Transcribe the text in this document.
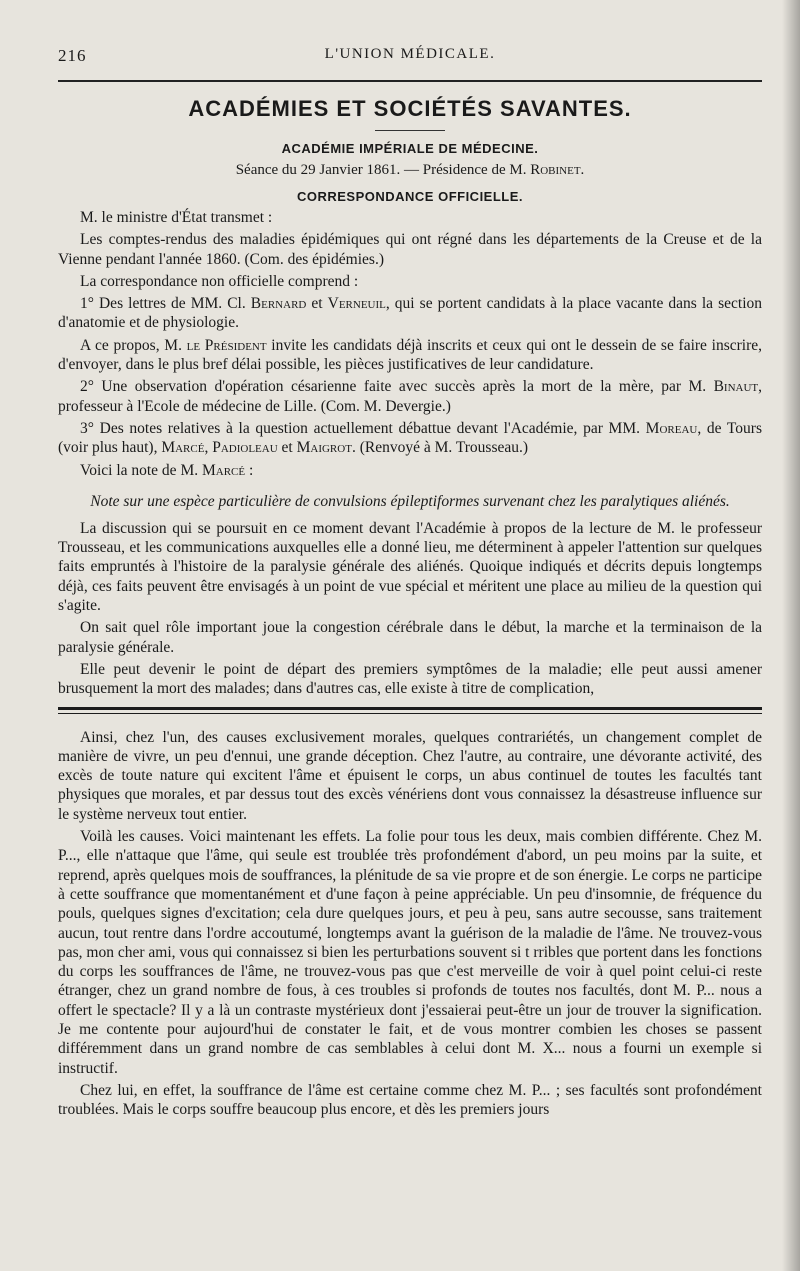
216	L'UNION MÉDICALE.
ACADÉMIES ET SOCIÉTÉS SAVANTES.
ACADÉMIE IMPÉRIALE DE MÉDECINE.
Séance du 29 Janvier 1861. — Présidence de M. Robinet.
CORRESPONDANCE OFFICIELLE.
M. le ministre d'État transmet :
Les comptes-rendus des maladies épidémiques qui ont régné dans les départements de la Creuse et de la Vienne pendant l'année 1860. (Com. des épidémies.)
La correspondance non officielle comprend :
1° Des lettres de MM. Cl. Bernard et Verneuil, qui se portent candidats à la place vacante dans la section d'anatomie et de physiologie.
A ce propos, M. le Président invite les candidats déjà inscrits et ceux qui ont le dessein de se faire inscrire, d'envoyer, dans le plus bref délai possible, les pièces justificatives de leur candidature.
2° Une observation d'opération césarienne faite avec succès après la mort de la mère, par M. Binaut, professeur à l'Ecole de médecine de Lille. (Com. M. Devergie.)
3° Des notes relatives à la question actuellement débattue devant l'Académie, par MM. Moreau, de Tours (voir plus haut), Marcé, Padioleau et Maigrot. (Renvoyé à M. Trousseau.)
Voici la note de M. Marcé :
Note sur une espèce particulière de convulsions épileptiformes survenant chez les paralytiques aliénés.
La discussion qui se poursuit en ce moment devant l'Académie à propos de la lecture de M. le professeur Trousseau, et les communications auxquelles elle a donné lieu, me déterminent à appeler l'attention sur quelques faits empruntés à l'histoire de la paralysie générale des aliénés. Quoique indiqués et décrits depuis longtemps déjà, ces faits peuvent être envisagés à un point de vue spécial et méritent une place au milieu de la question qui s'agite.
On sait quel rôle important joue la congestion cérébrale dans le début, la marche et la terminaison de la paralysie générale.
Elle peut devenir le point de départ des premiers symptômes de la maladie; elle peut aussi amener brusquement la mort des malades; dans d'autres cas, elle existe à titre de complication,
Ainsi, chez l'un, des causes exclusivement morales, quelques contrariétés, un changement complet de manière de vivre, un peu d'ennui, une grande déception. Chez l'autre, au contraire, une dévorante activité, des excès de toute nature qui excitent l'âme et épuisent le corps, un abus continuel de toutes les facultés tant physiques que morales, et par dessus tout des excès vénériens dont vous connaissez la désastreuse influence sur le système nerveux tout entier.
Voilà les causes. Voici maintenant les effets. La folie pour tous les deux, mais combien différente. Chez M. P..., elle n'attaque que l'âme, qui seule est troublée très profondément d'abord, un peu moins par la suite, et reprend, après quelques mois de souffrances, la plénitude de sa vie propre et de son énergie. Le corps ne participe à cette souffrance que momentanément et d'une façon à peine appréciable. Un peu d'insomnie, de fréquence du pouls, quelques signes d'excitation; cela dure quelques jours, et peu à peu, sans autre secousse, sans traitement aucun, tout rentre dans l'ordre accoutumé, longtemps avant la guérison de la maladie de l'âme. Ne trouvez-vous pas, mon cher ami, vous qui connaissez si bien les perturbations souvent si t rribles que portent dans les fonctions du corps les souffrances de l'âme, ne trouvez-vous pas que c'est merveille de voir à quel point celui-ci reste étranger, chez un grand nombre de fous, à ces troubles si profonds de toutes nos facultés, dont M. P... nous a offert le spectacle? Il y a là un contraste mystérieux dont j'essaierai peut-être un jour de trouver la signification. Je me contente pour aujourd'hui de constater le fait, et de vous montrer combien les choses se passent différemment dans un grand nombre de cas semblables à celui dont M. X... nous a fourni un exemple si instructif.
Chez lui, en effet, la souffrance de l'âme est certaine comme chez M. P... ; ses facultés sont profondément troublées. Mais le corps souffre beaucoup plus encore, et dès les premiers jours
